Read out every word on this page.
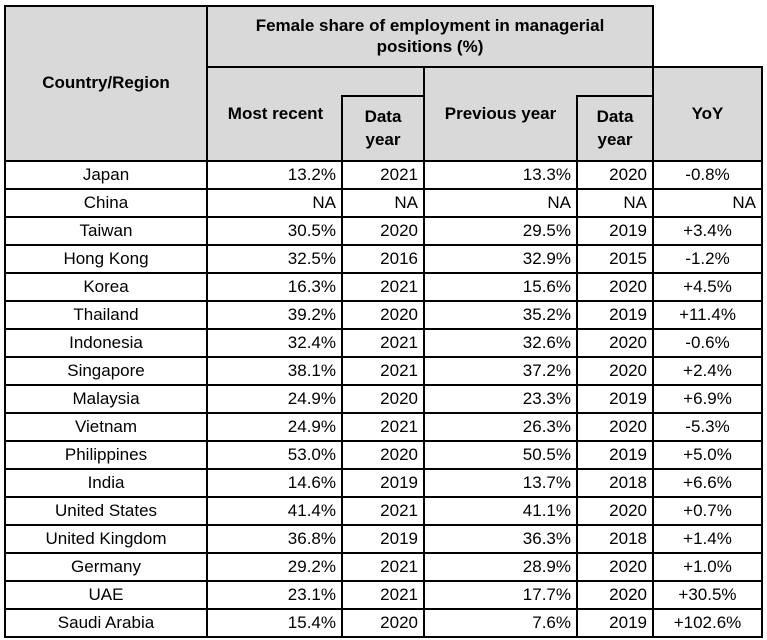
Country/Region
Female share of employment in managerial positions (%)
Most recent	Data year
Previous year	Data year
YoY
Japan	13.2%	2021	13.3%	2020	-0.8%
China	NA	NA	NA	NA	NA
Taiwan	30.5%	2020	29.5%	2019	+3.4%
Hong Kong	32.5%	2016	32.9%	2015	-1.2%
Korea	16.3%	2021	15.6%	2020	+4.5%
Thailand	39.2%	2020	35.2%	2019	+11.4%
Indonesia	32.4%	2021	32.6%	2020	-0.6%
Singapore	38.1%	2021	37.2%	2020	+2.4%
Malaysia	24.9%	2020	23.3%	2019	+6.9%
Vietnam	24.9%	2021	26.3%	2020	-5.3%
Philippines	53.0%	2020	50.5%	2019	+5.0%
India	14.6%	2019	13.7%	2018	+6.6%
United States	41.4%	2021	41.1%	2020	+0.7%
United Kingdom	36.8%	2019	36.3%	2018	+1.4%
Germany	29.2%	2021	28.9%	2020	+1.0%
UAE	23.1%	2021	17.7%	2020	+30.5%
Saudi Arabia	15.4%	2020	7.6%	2019	+102.6%
